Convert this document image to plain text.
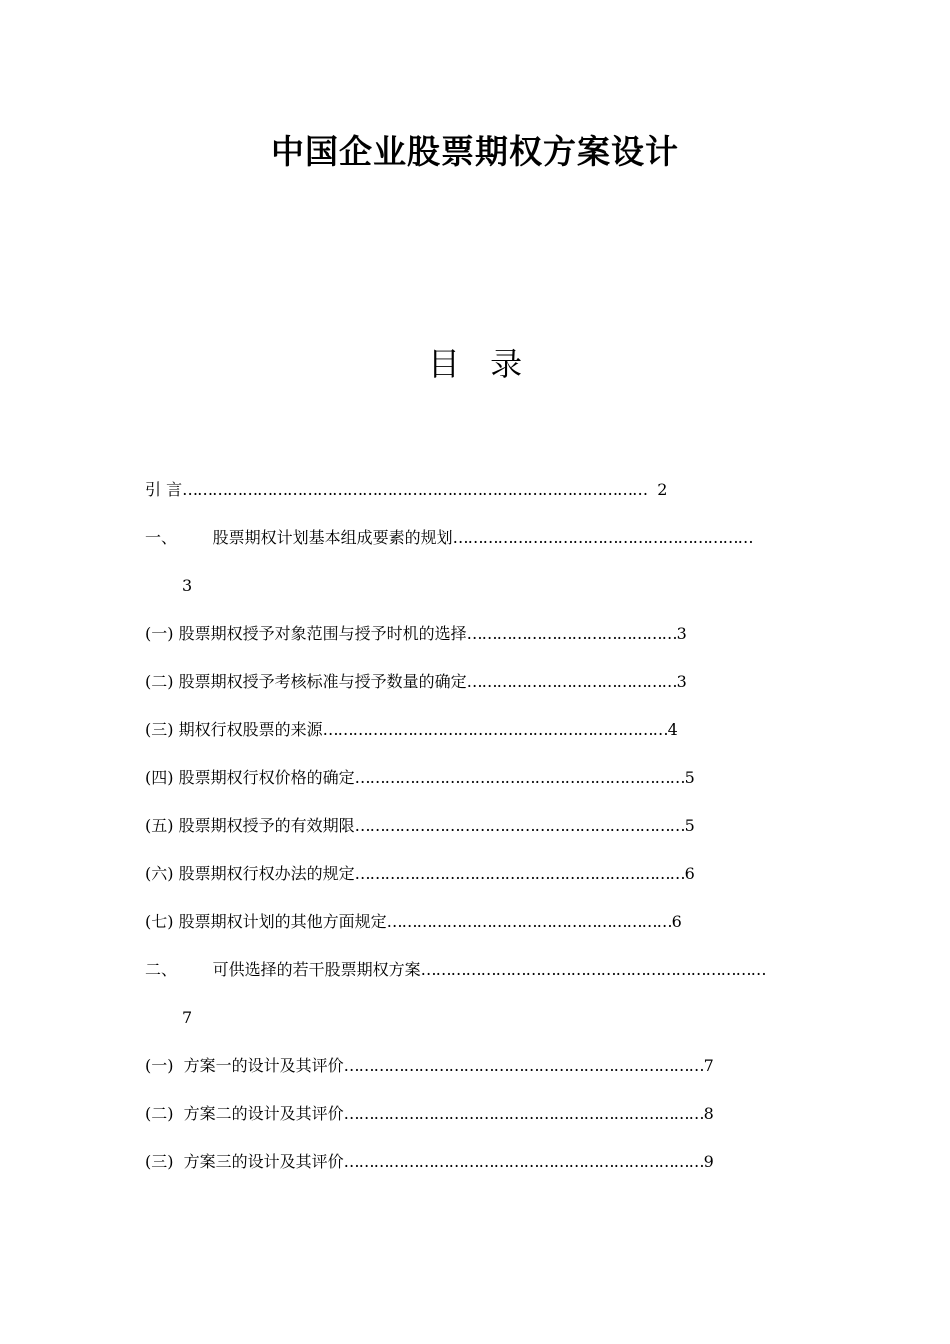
中国企业股票期权方案设计
目 录
引 言………………………………………………………………………………… 2
一、       股票期权计划基本组成要素的规划……………………………………………………
3
(一) 股票期权授予对象范围与授予时机的选择……………………………………3
(二) 股票期权授予考核标准与授予数量的确定……………………………………3
(三) 期权行权股票的来源……………………………………………………………4
(四) 股票期权行权价格的确定…………………………………………………………5
(五) 股票期权授予的有效期限…………………………………………………………5
(六) 股票期权行权办法的规定…………………………………………………………6
(七) 股票期权计划的其他方面规定…………………………………………………6
二、       可供选择的若干股票期权方案……………………………………………………………
7
(一)  方案一的设计及其评价………………………………………………………………7
(二)  方案二的设计及其评价………………………………………………………………8
(三)  方案三的设计及其评价………………………………………………………………9
